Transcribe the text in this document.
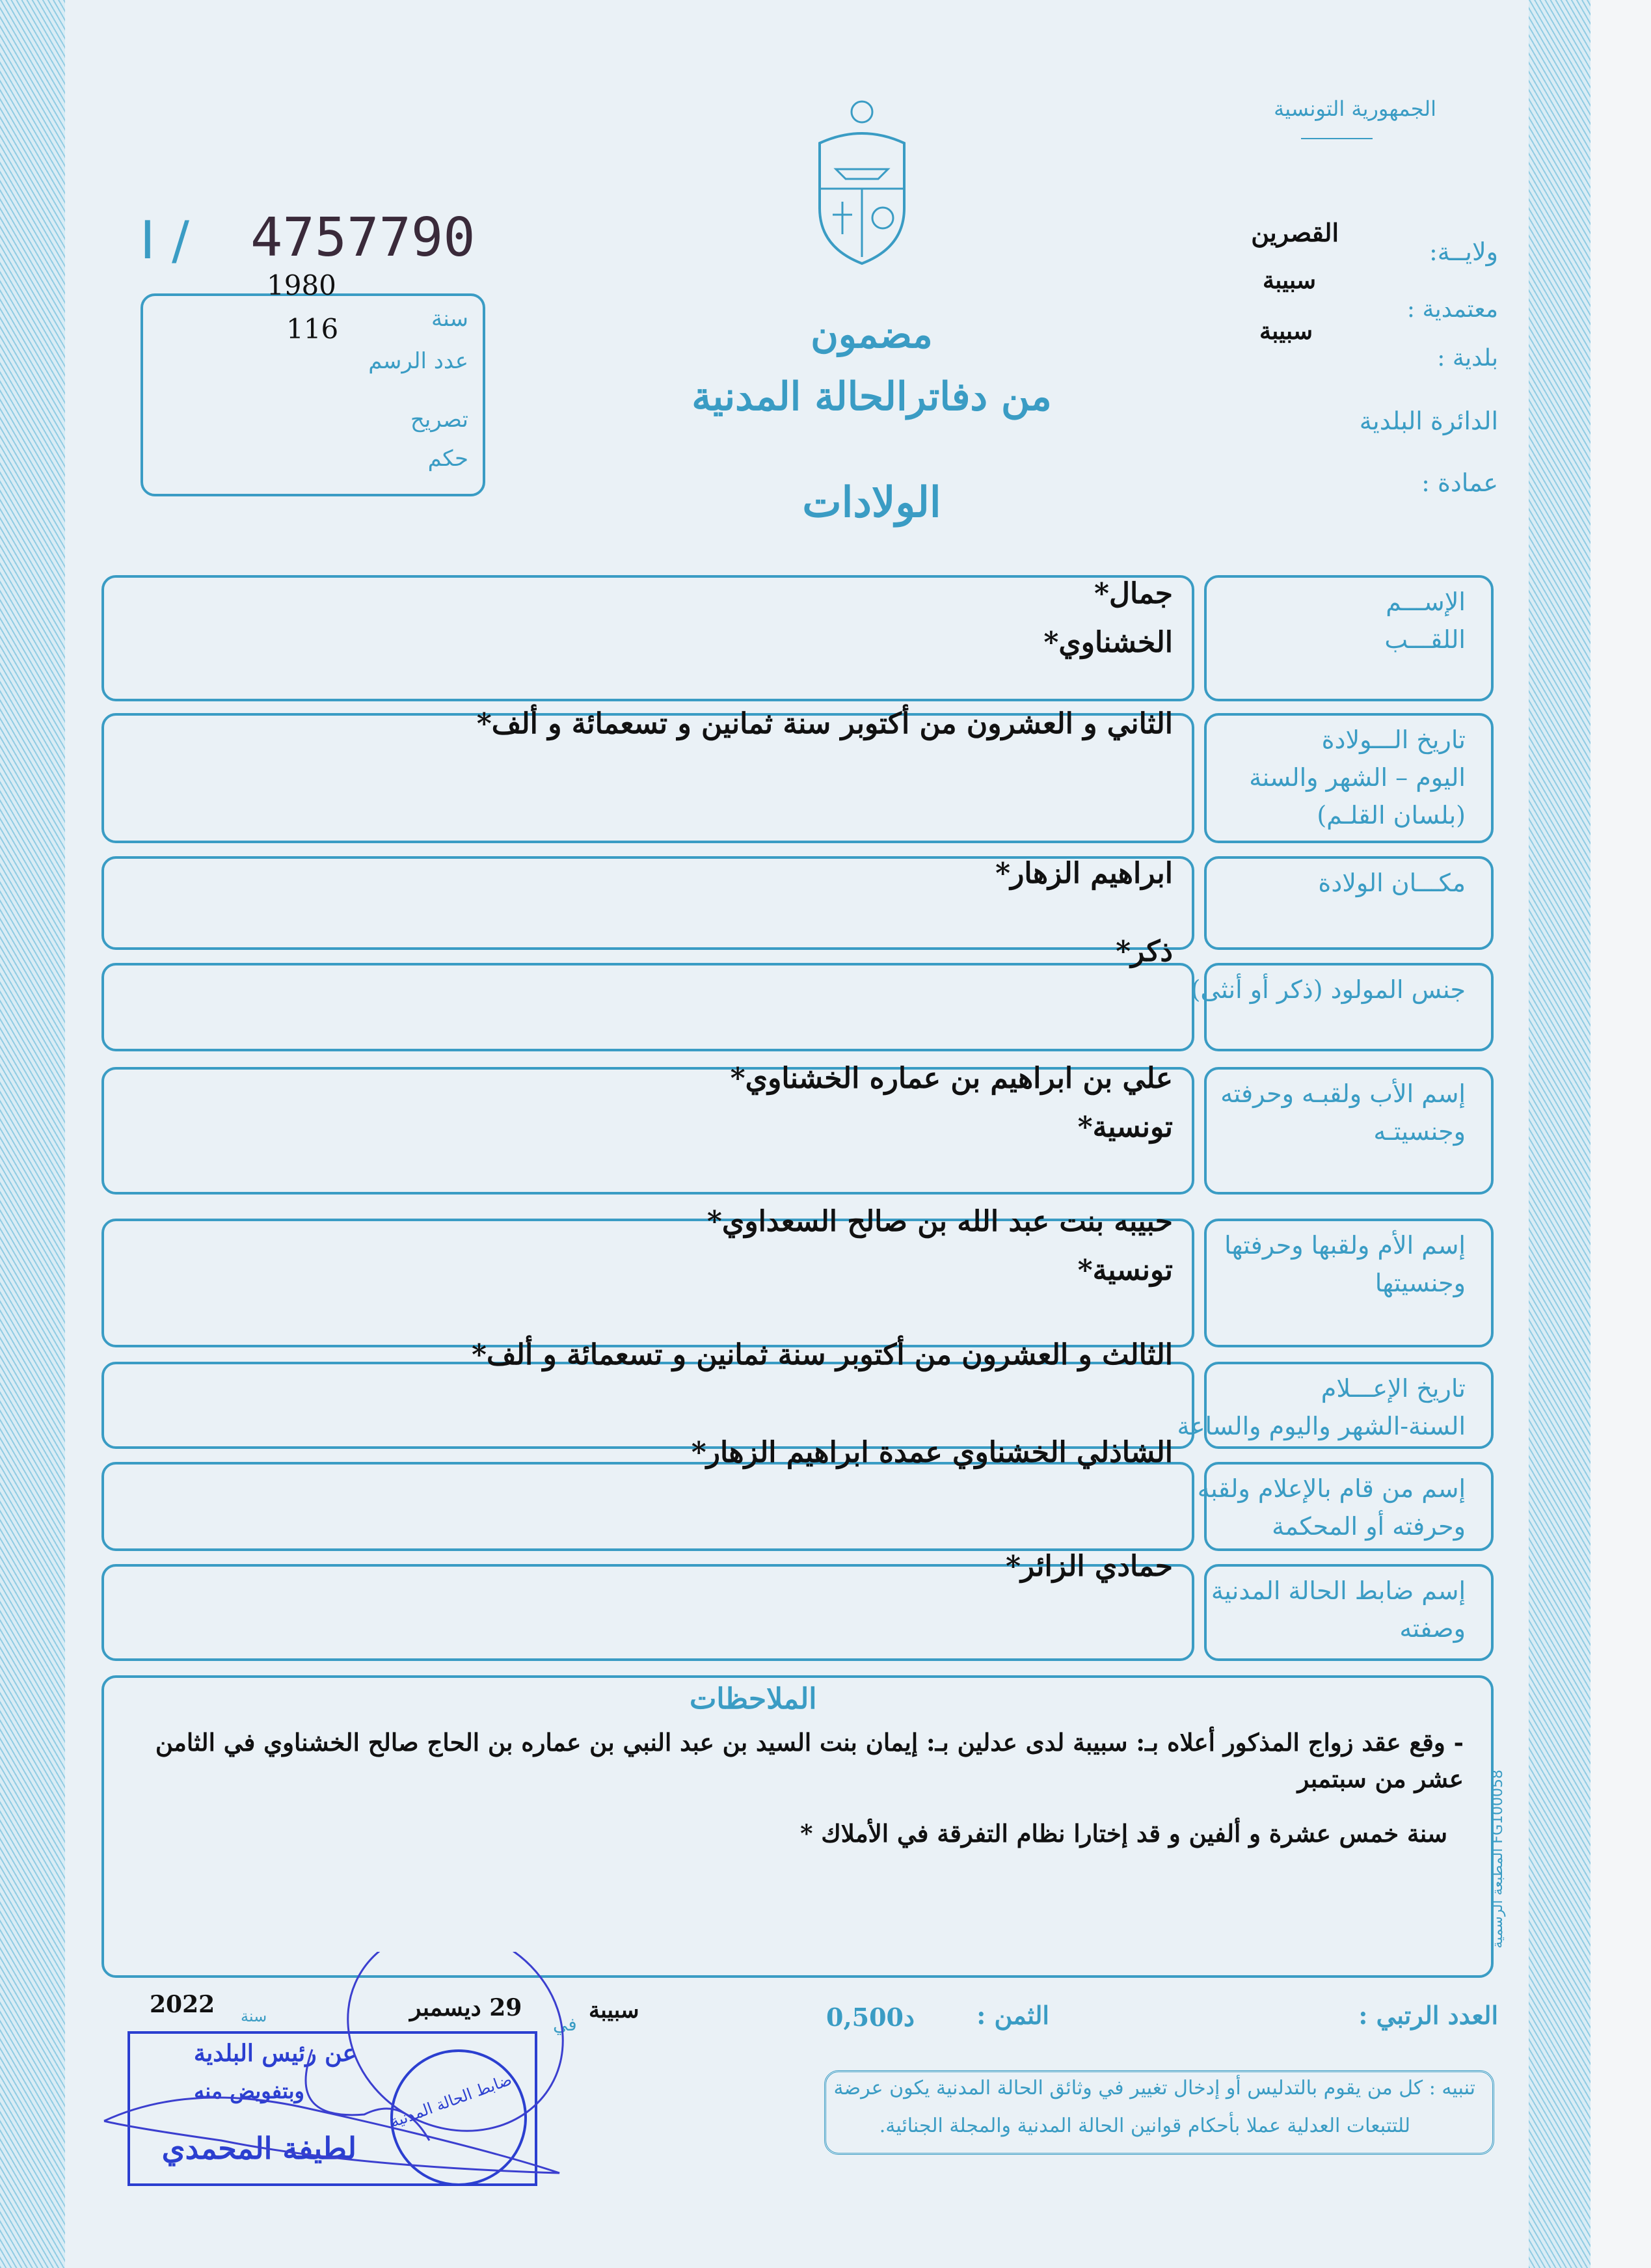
الجمهورية التونسية
القصرين
ولايــة:
سبيبة
معتمدية :
سبيبة
بلدية :
الدائرة البلدية
عمادة :
مضمون
من دفاترالحالة المدنية
الولادات
I / 4757790
1980
116	سنة
عدد الرسم
تصريح
حكم
الإســـم
اللقـــب
جمال*
الخشناوي*
تاريخ الـــولادة
اليوم – الشهر والسنة
(بلسان القلـم)
الثاني و العشرون من أكتوبر سنة ثمانين و تسعمائة و ألف*
مكـــان الولادة
ابراهيم الزهار*
جنس المولود (ذكر أو أنثى)
ذكر*
إسم الأب ولقبـه وحرفته
وجنسيتـه
علي بن ابراهيم بن عماره الخشناوي*
تونسية*
إسم الأم ولقبها وحرفتها
وجنسيتها
حبيبه بنت عبد الله بن صالح السعداوي*
تونسية*
تاريخ الإعـــلام
السنة-الشهر واليوم والساعة
الثالث و العشرون من أكتوبر سنة ثمانين و تسعمائة و ألف*
إسم من قام بالإعلام ولقبه
وحرفته أو المحكمة
الشاذلي الخشناوي عمدة ابراهيم الزهار*
إسم ضابط الحالة المدنية
وصفته
حمادي الزائر*
الملاحظات
- وقع عقد زواج المذكور أعلاه بـ: سبيبة لدى عدلين بـ: إيمان بنت السيد بن عبد النبي بن عماره بن الحاج صالح الخشناوي في الثامن عشر من سبتمبر
سنة خمس عشرة و ألفين و قد إختارا نظام التفرقة في الأملاك *
المطبعة الرسمية FG100058
العدد الرتبي :
الثمن :
0,500د
سبيبة
في
29 ديسمبر
2022 سنة
عن رئيس البلدية
وبتفويض منه
لطيفة المحمدي
ضابط الحالة المدنية	تنبيه : كل من يقوم بالتدليس أو إدخال تغيير في وثائق الحالة المدنية يكون عرضة
للتتبعات العدلية عملا بأحكام قوانين الحالة المدنية والمجلة الجنائية.
